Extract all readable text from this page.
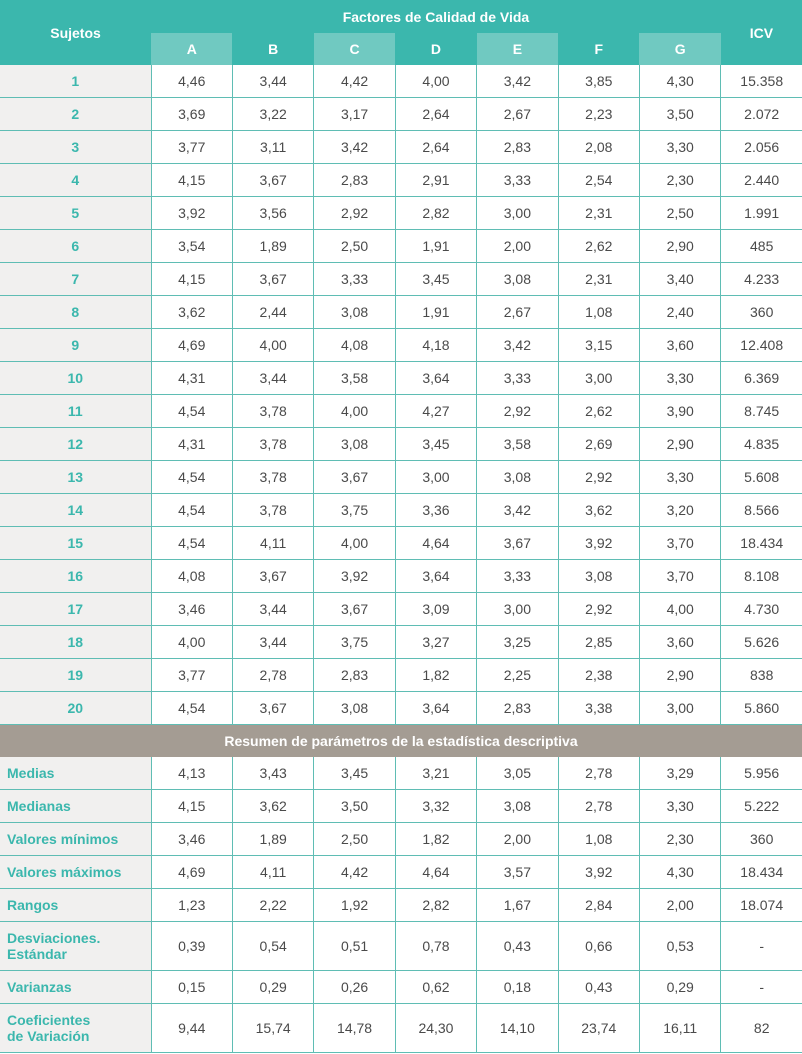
Sujetos	Factores de Calidad de Vida							ICV
	A	B	C	D	E	F	G	
1	4,46	3,44	4,42	4,00	3,42	3,85	4,30	15.358
2	3,69	3,22	3,17	2,64	2,67	2,23	3,50	2.072
3	3,77	3,11	3,42	2,64	2,83	2,08	3,30	2.056
4	4,15	3,67	2,83	2,91	3,33	2,54	2,30	2.440
5	3,92	3,56	2,92	2,82	3,00	2,31	2,50	1.991
6	3,54	1,89	2,50	1,91	2,00	2,62	2,90	485
7	4,15	3,67	3,33	3,45	3,08	2,31	3,40	4.233
8	3,62	2,44	3,08	1,91	2,67	1,08	2,40	360
9	4,69	4,00	4,08	4,18	3,42	3,15	3,60	12.408
10	4,31	3,44	3,58	3,64	3,33	3,00	3,30	6.369
11	4,54	3,78	4,00	4,27	2,92	2,62	3,90	8.745
12	4,31	3,78	3,08	3,45	3,58	2,69	2,90	4.835
13	4,54	3,78	3,67	3,00	3,08	2,92	3,30	5.608
14	4,54	3,78	3,75	3,36	3,42	3,62	3,20	8.566
15	4,54	4,11	4,00	4,64	3,67	3,92	3,70	18.434
16	4,08	3,67	3,92	3,64	3,33	3,08	3,70	8.108
17	3,46	3,44	3,67	3,09	3,00	2,92	4,00	4.730
18	4,00	3,44	3,75	3,27	3,25	2,85	3,60	5.626
19	3,77	2,78	2,83	1,82	2,25	2,38	2,90	838
20	4,54	3,67	3,08	3,64	2,83	3,38	3,00	5.860
Resumen de parámetros de la estadística descriptiva								
Medias	4,13	3,43	3,45	3,21	3,05	2,78	3,29	5.956
Medianas	4,15	3,62	3,50	3,32	3,08	2,78	3,30	5.222
Valores mínimos	3,46	1,89	2,50	1,82	2,00	1,08	2,30	360
Valores máximos	4,69	4,11	4,42	4,64	3,57	3,92	4,30	18.434
Rangos	1,23	2,22	1,92	2,82	1,67	2,84	2,00	18.074

Desviaciones.
Estándar	0,39	0,54	0,51	0,78	0,43	0,66	0,53	-
Varianzas	0,15	0,29	0,26	0,62	0,18	0,43	0,29	-

Coeficientes
de Variación	9,44	15,74	14,78	24,30	14,10	23,74	16,11	82
